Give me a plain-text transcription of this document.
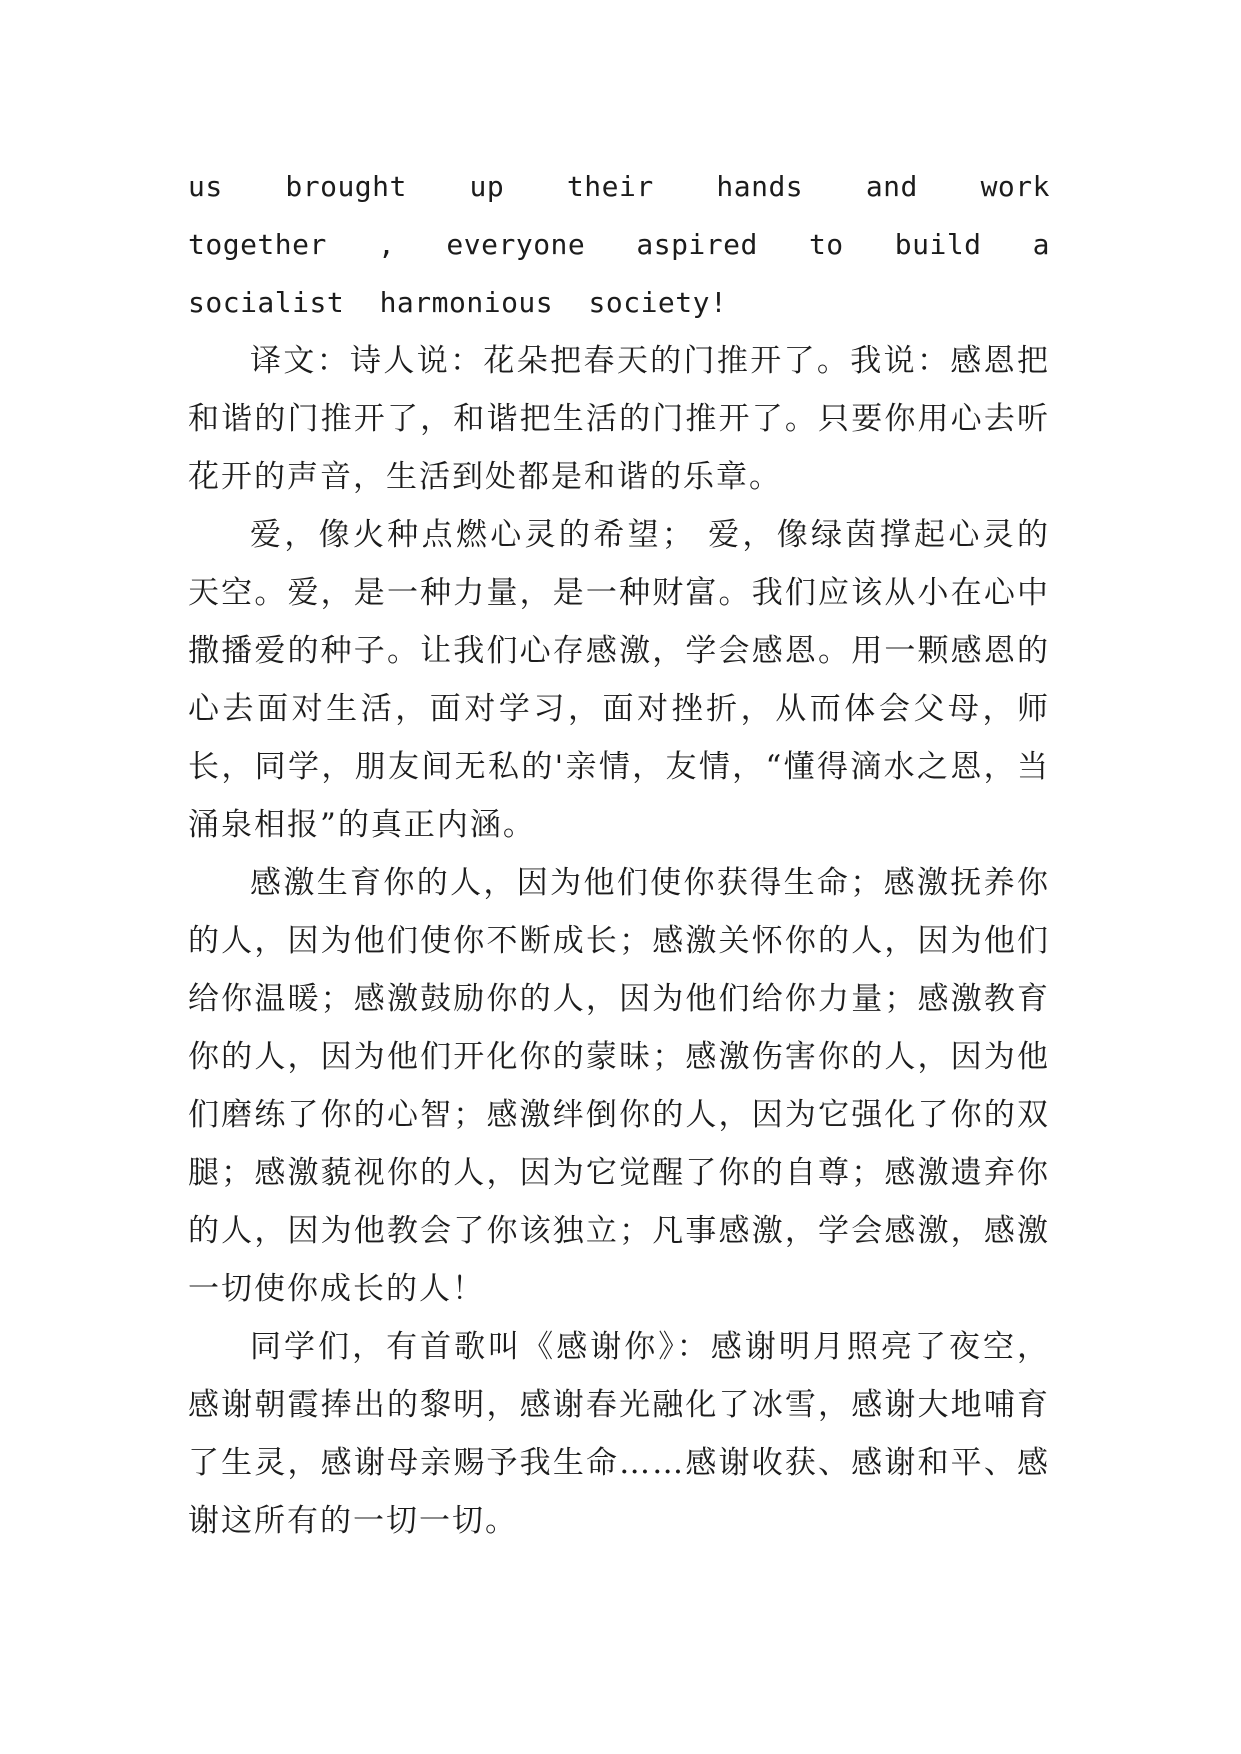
us brought up their hands and work together , everyone aspired to build a socialist harmonious society!

译文：诗人说：花朵把春天的门推开了。我说：感恩把和谐的门推开了，和谐把生活的门推开了。只要你用心去听花开的声音，生活到处都是和谐的乐章。

爱，像火种点燃心灵的希望； 爱，像绿茵撑起心灵的天空。爱，是一种力量，是一种财富。我们应该从小在心中撒播爱的种子。让我们心存感激，学会感恩。用一颗感恩的心去面对生活，面对学习，面对挫折，从而体会父母，师长，同学，朋友间无私的'亲情，友情，“懂得滴水之恩，当涌泉相报”的真正内涵。

感激生育你的人，因为他们使你获得生命；感激抚养你的人，因为他们使你不断成长；感激关怀你的人，因为他们给你温暖；感激鼓励你的人，因为他们给你力量；感激教育你的人，因为他们开化你的蒙昧；感激伤害你的人，因为他们磨练了你的心智；感激绊倒你的人，因为它强化了你的双腿；感激藐视你的人，因为它觉醒了你的自尊；感激遗弃你的人，因为他教会了你该独立；凡事感激，学会感激，感激一切使你成长的人！

同学们，有首歌叫《感谢你》：感谢明月照亮了夜空，感谢朝霞捧出的黎明，感谢春光融化了冰雪，感谢大地哺育了生灵，感谢母亲赐予我生命……感谢收获、感谢和平、感谢这所有的一切一切。
